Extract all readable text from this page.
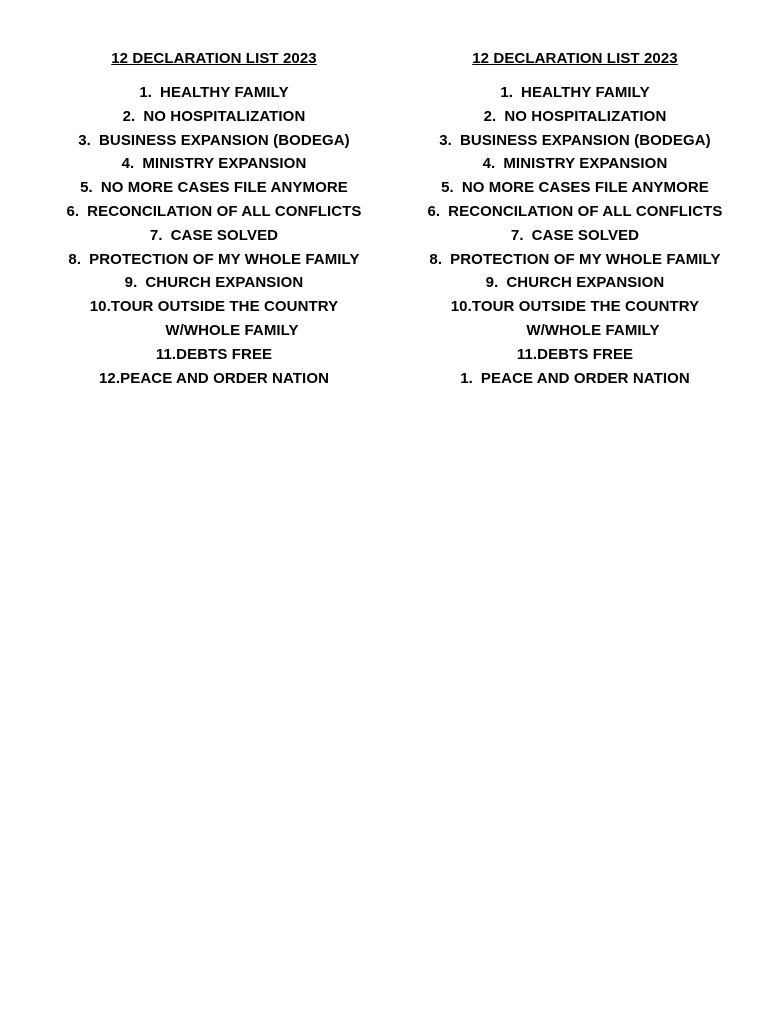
12 DECLARATION LIST 2023
1. HEALTHY FAMILY
2. NO HOSPITALIZATION
3. BUSINESS EXPANSION (BODEGA)
4. MINISTRY EXPANSION
5. NO MORE CASES FILE ANYMORE
6. RECONCILATION OF ALL CONFLICTS
7. CASE SOLVED
8. PROTECTION OF MY WHOLE FAMILY
9. CHURCH EXPANSION
10.TOUR OUTSIDE THE COUNTRY
W/WHOLE FAMILY
11.DEBTS FREE
12.PEACE AND ORDER NATION
12 DECLARATION LIST 2023
1. HEALTHY FAMILY
2. NO HOSPITALIZATION
3. BUSINESS EXPANSION (BODEGA)
4. MINISTRY EXPANSION
5. NO MORE CASES FILE ANYMORE
6. RECONCILATION OF ALL CONFLICTS
7. CASE SOLVED
8. PROTECTION OF MY WHOLE FAMILY
9. CHURCH EXPANSION
10.TOUR OUTSIDE THE COUNTRY
W/WHOLE FAMILY
11.DEBTS FREE
1. PEACE AND ORDER NATION
